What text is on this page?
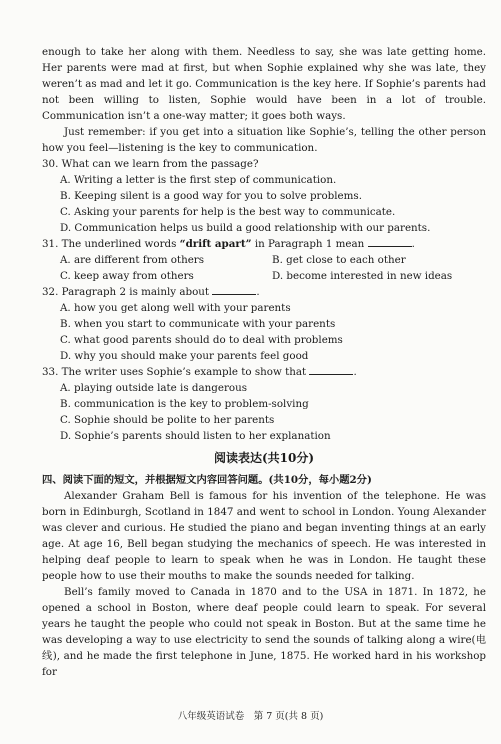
enough to take her along with them. Needless to say, she was late getting home. Her parents were mad at first, but when Sophie explained why she was late, they weren’t as mad and let it go. Communication is the key here. If Sophie’s parents had not been willing to listen, Sophie would have been in a lot of trouble. Communication isn’t a one-way matter; it goes both ways.

Just remember: if you get into a situation like Sophie’s, telling the other person how you feel—listening is the key to communication.

30. What can we learn from the passage?

A. Writing a letter is the first step of communication.

B. Keeping silent is a good way for you to solve problems.

C. Asking your parents for help is the best way to communicate.

D. Communication helps us build a good relationship with our parents.

31. The underlined words “drift apart” in Paragraph 1 mean	.

A. are different from others	B. get close to each other
C. keep away from others	D. become interested in new ideas

32. Paragraph 2 is mainly about	.

A. how you get along well with your parents

B. when you start to communicate with your parents

C. what good parents should do to deal with problems

D. why you should make your parents feel good

33. The writer uses Sophie’s example to show that	.

A. playing outside late is dangerous

B. communication is the key to problem-solving

C. Sophie should be polite to her parents

D. Sophie’s parents should listen to her explanation

阅读表达(共10分)

四、阅读下面的短文，并根据短文内容回答问题。(共10分，每小题2分)

Alexander Graham Bell is famous for his invention of the telephone. He was born in Edinburgh, Scotland in 1847 and went to school in London. Young Alexander was clever and curious. He studied the piano and began inventing things at an early age. At age 16, Bell began studying the mechanics of speech. He was interested in helping deaf people to learn to speak when he was in London. He taught these people how to use their mouths to make the sounds needed for talking.

Bell’s family moved to Canada in 1870 and to the USA in 1871. In 1872, he opened a school in Boston, where deaf people could learn to speak. For several years he taught the people who could not speak in Boston. But at the same time he was developing a way to use electricity to send the sounds of talking along a wire(电线), and he made the first telephone in June, 1875. He worked hard in his workshop for

八年级英语试卷　第 7 页(共 8 页)
